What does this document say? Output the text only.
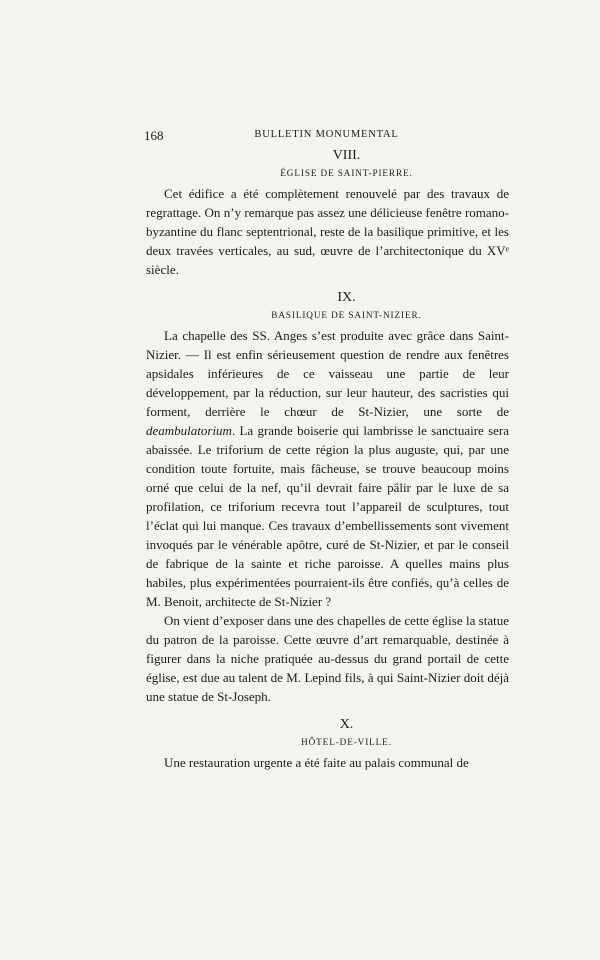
168	BULLETIN MONUMENTAL
VIII.
ÉGLISE DE SAINT-PIERRE.

Cet édifice a été complètement renouvelé par des travaux de regrattage. On n’y remarque pas assez une délicieuse fenêtre romano-byzantine du flanc septentrional, reste de la basilique primitive, et les deux travées verticales, au sud, œuvre de l’architectonique du XVᵉ siècle.

IX.
BASILIQUE DE SAINT-NIZIER.

La chapelle des SS. Anges s’est produite avec grâce dans Saint-Nizier. — Il est enfin sérieusement question de rendre aux fenêtres apsidales inférieures de ce vaisseau une partie de leur développement, par la réduction, sur leur hauteur, des sacristies qui forment, derrière le chœur de St-Nizier, une sorte de deambulatorium. La grande boiserie qui lambrisse le sanctuaire sera abaissée. Le triforium de cette région la plus auguste, qui, par une condition toute fortuite, mais fâcheuse, se trouve beaucoup moins orné que celui de la nef, qu’il devrait faire pâlir par le luxe de sa profilation, ce triforium recevra tout l’appareil de sculptures, tout l’éclat qui lui manque. Ces travaux d’embellissements sont vivement invoqués par le vénérable apôtre, curé de St-Nizier, et par le conseil de fabrique de la sainte et riche paroisse. A quelles mains plus habiles, plus expérimentées pourraient-ils être confiés, qu’à celles de M. Benoit, architecte de St-Nizier ?

On vient d’exposer dans une des chapelles de cette église la statue du patron de la paroisse. Cette œuvre d’art remarquable, destinée à figurer dans la niche pratiquée au-dessus du grand portail de cette église, est due au talent de M. Lepind fils, à qui Saint-Nizier doit déjà une statue de St-Joseph.

X.
HÔTEL-DE-VILLE.

Une restauration urgente a été faite au palais communal de
